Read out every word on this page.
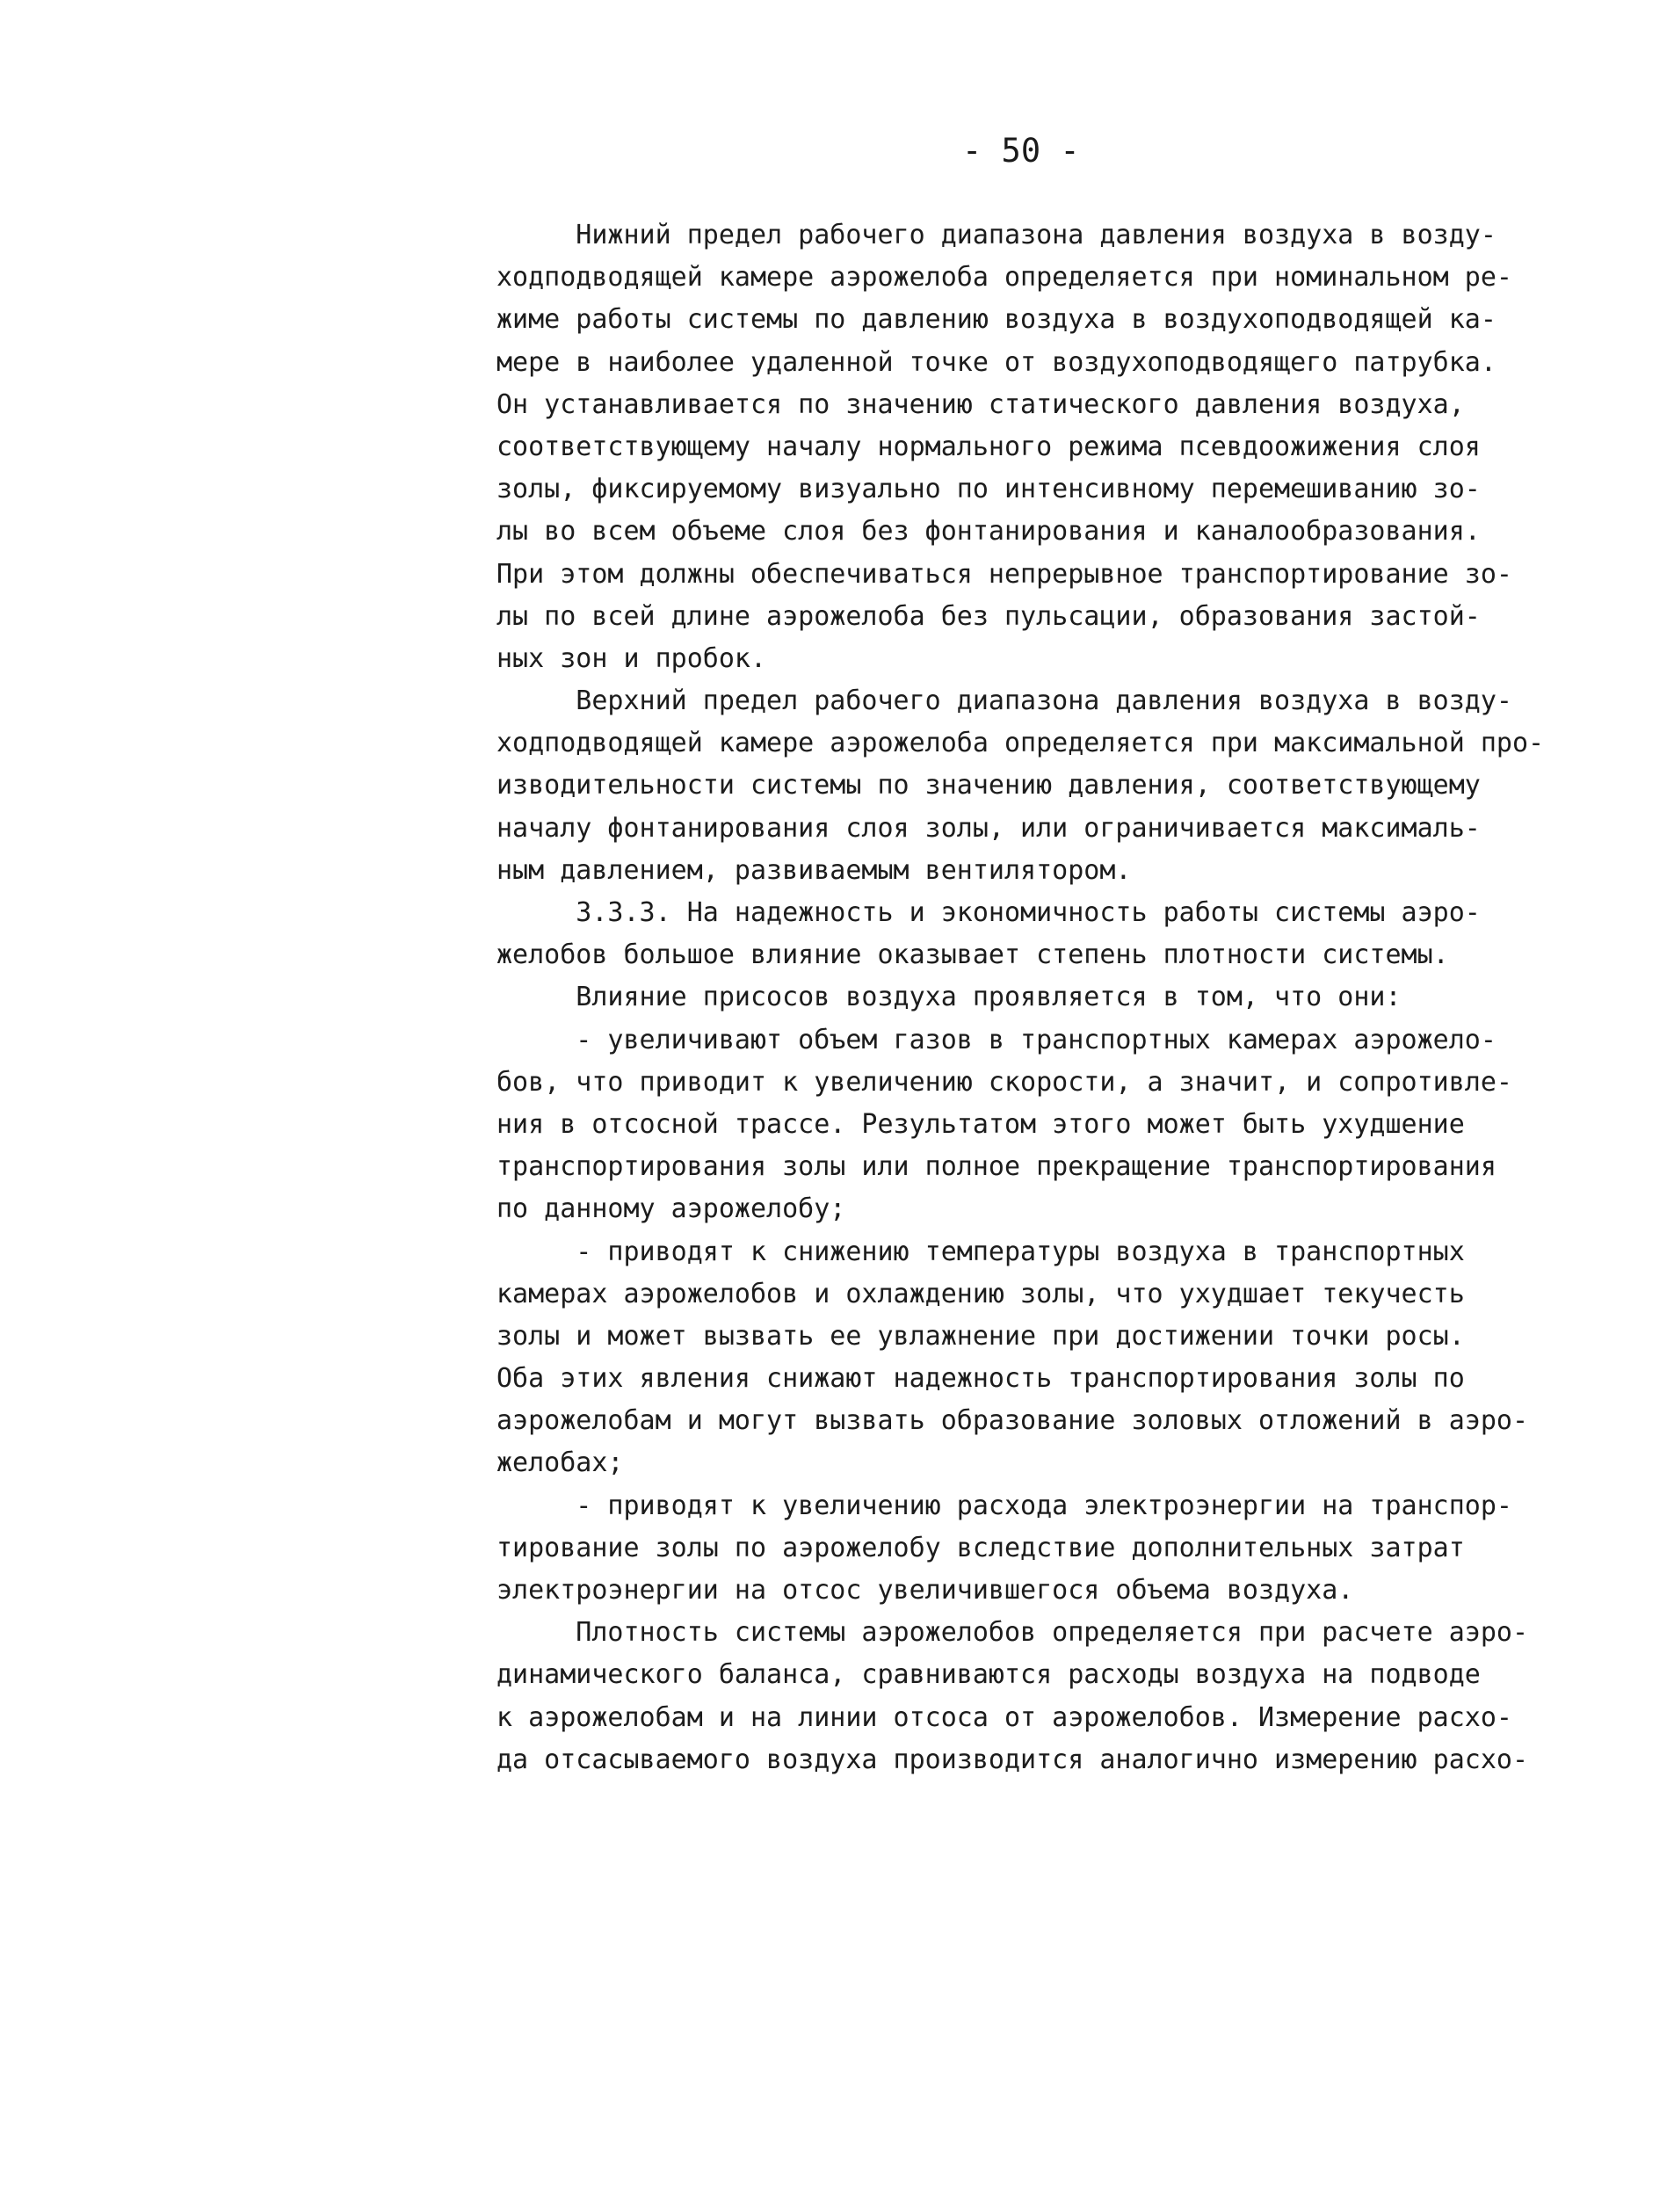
- 50 -
Нижний предел рабочего диапазона давления воздуха в возду-
ходподводящей камере аэрожелоба определяется при номинальном ре-
жиме работы системы по давлению воздуха в воздухоподводящей ка-
мере в наиболее удаленной точке от воздухоподводящего патрубка.
Он устанавливается по значению статического давления воздуха,
соответствующему началу нормального режима псевдоожижения слоя
золы, фиксируемому визуально по интенсивному перемешиванию зо-
лы во всем объеме слоя без фонтанирования и каналообразования.
При этом должны обеспечиваться непрерывное транспортирование зо-
лы по всей длине аэрожелоба без пульсации, образования застой-
ных зон и пробок.
Верхний предел рабочего диапазона давления воздуха в возду-
ходподводящей камере аэрожелоба определяется при максимальной про-
изводительности системы по значению давления, соответствующему
началу фонтанирования слоя золы, или ограничивается максималь-
ным давлением, развиваемым вентилятором.
3.3.3. На надежность и экономичность работы системы аэро-
желобов большое влияние оказывает степень плотности системы.
Влияние присосов воздуха проявляется в том, что они:
- увеличивают объем газов в транспортных камерах аэрожело-
бов, что приводит к увеличению скорости, а значит, и сопротивле-
ния в отсосной трассе. Результатом этого может быть ухудшение
транспортирования золы или полное прекращение транспортирования
по данному аэрожелобу;
- приводят к снижению температуры воздуха в транспортных
камерах аэрожелобов и охлаждению золы, что ухудшает текучесть
золы и может вызвать ее увлажнение при достижении точки росы.
Оба этих явления снижают надежность транспортирования золы по
аэрожелобам и могут вызвать образование золовых отложений в аэро-
желобах;
- приводят к увеличению расхода электроэнергии на транспор-
тирование золы по аэрожелобу вследствие дополнительных затрат
электроэнергии на отсос увеличившегося объема воздуха.
Плотность системы аэрожелобов определяется при расчете аэро-
динамического баланса, сравниваются расходы воздуха на подводе
к аэрожелобам и на линии отсоса от аэрожелобов. Измерение расхо-
да отсасываемого воздуха производится аналогично измерению расхо-
